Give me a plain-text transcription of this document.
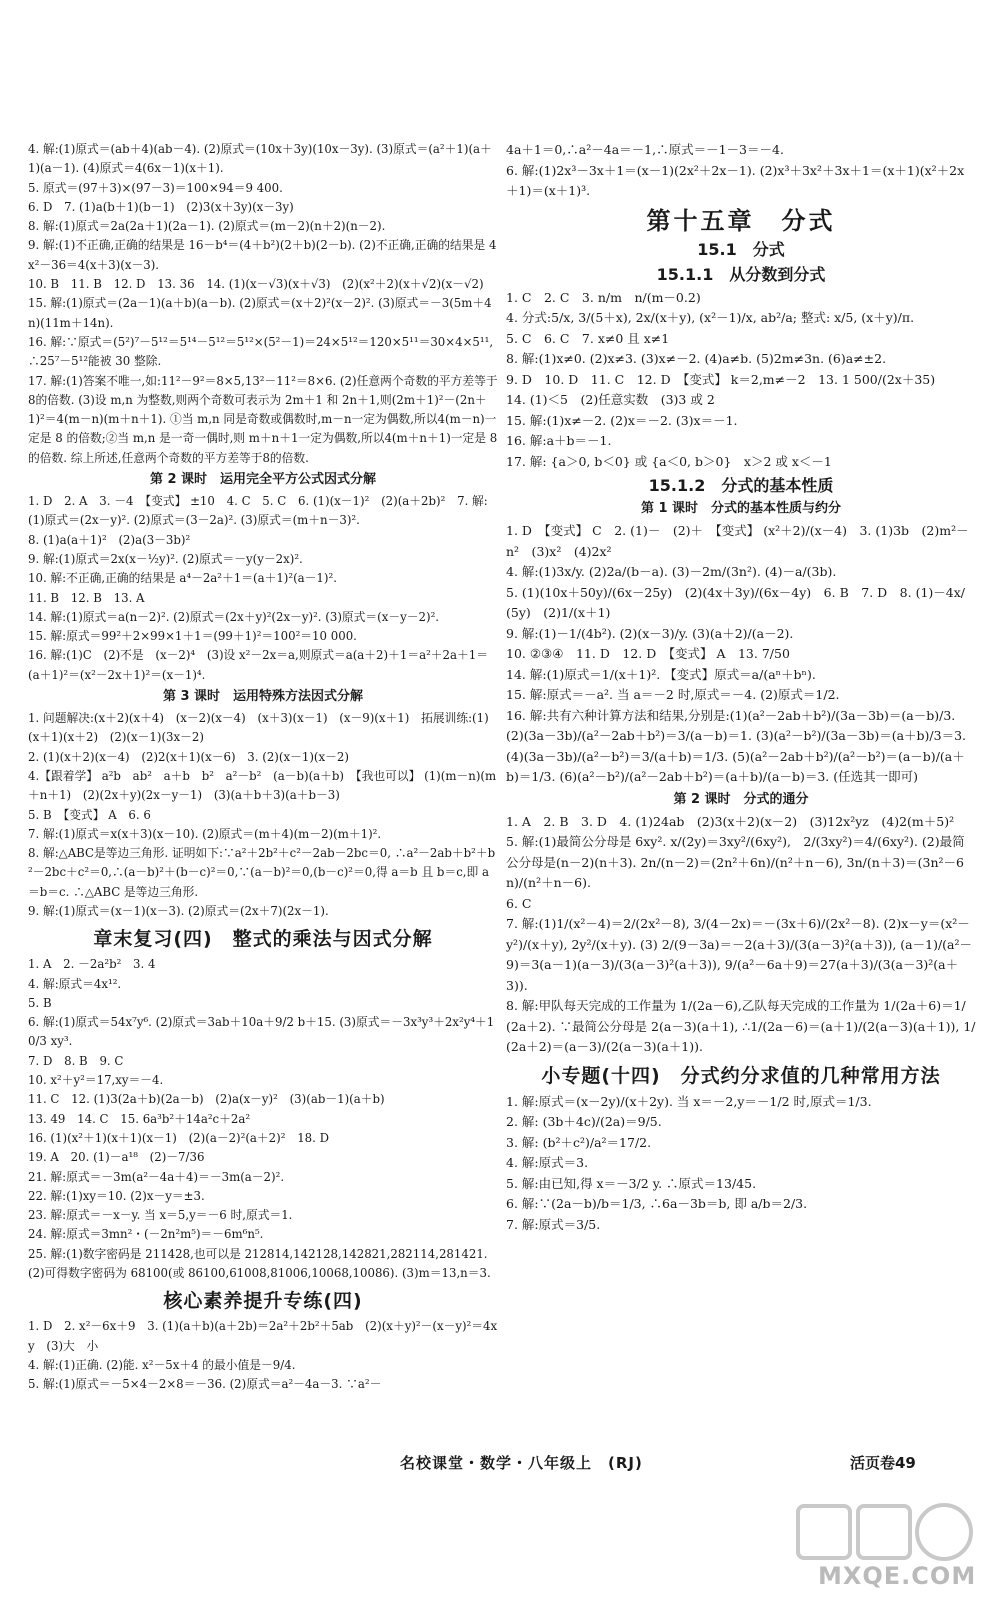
4. 解:(1)原式＝(ab＋4)(ab－4). (2)原式＝(10x＋3y)(10x－3y). (3)原式＝(a²＋1)(a＋1)(a－1). (4)原式＝4(6x－1)(x＋1).

5. 原式＝(97＋3)×(97－3)＝100×94＝9 400.

6. D　7. (1)a(b＋1)(b－1)　(2)3(x＋3y)(x－3y)

8. 解:(1)原式＝2a(2a＋1)(2a－1). (2)原式＝(m－2)(n＋2)(n－2).

9. 解:(1)不正确,正确的结果是 16－b⁴＝(4＋b²)(2＋b)(2－b). (2)不正确,正确的结果是 4x²－36＝4(x＋3)(x－3).

10. B　11. B　12. D　13. 36　14. (1)(x－√3)(x＋√3)　(2)(x²＋2)(x＋√2)(x－√2)

15. 解:(1)原式＝(2a－1)(a＋b)(a－b). (2)原式＝(x＋2)²(x－2)². (3)原式＝－3(5m＋4n)(11m＋14n).

16. 解:∵原式＝(5²)⁷－5¹²＝5¹⁴－5¹²＝5¹²×(5²－1)＝24×5¹²＝120×5¹¹＝30×4×5¹¹,∴25⁷－5¹²能被 30 整除.

17. 解:(1)答案不唯一,如:11²－9²＝8×5,13²－11²＝8×6. (2)任意两个奇数的平方差等于8的倍数. (3)设 m,n 为整数,则两个奇数可表示为 2m＋1 和 2n＋1,则(2m＋1)²－(2n＋1)²＝4(m－n)(m＋n＋1). ①当 m,n 同是奇数或偶数时,m－n一定为偶数,所以4(m－n)一定是 8 的倍数;②当 m,n 是一奇一偶时,则 m＋n＋1一定为偶数,所以4(m＋n＋1)一定是 8 的倍数. 综上所述,任意两个奇数的平方差等于8的倍数.

第 2 课时　运用完全平方公式因式分解

1. D　2. A　3. －4　【变式】 ±10　4. C　5. C　6. (1)(x－1)²　(2)(a＋2b)²　7. 解:(1)原式＝(2x－y)². (2)原式＝(3－2a)². (3)原式＝(m＋n－3)².

8. (1)a(a＋1)²　(2)a(3－3b)²

9. 解:(1)原式＝2x(x－½y)². (2)原式＝－y(y－2x)².

10. 解:不正确,正确的结果是 a⁴－2a²＋1＝(a＋1)²(a－1)².

11. B　12. B　13. A

14. 解:(1)原式＝a(n－2)². (2)原式＝(2x＋y)²(2x－y)². (3)原式＝(x－y－2)².

15. 解:原式＝99²＋2×99×1＋1＝(99＋1)²＝100²＝10 000.

16. 解:(1)C　(2)不是　(x－2)⁴　(3)设 x²－2x＝a,则原式＝a(a＋2)＋1＝a²＋2a＋1＝(a＋1)²＝(x²－2x＋1)²＝(x－1)⁴.

第 3 课时　运用特殊方法因式分解

1. 问题解决:(x＋2)(x＋4)　(x－2)(x－4)　(x＋3)(x－1)　(x－9)(x＋1)　拓展训练:(1)(x＋1)(x＋2)　(2)(x－1)(3x－2)

2. (1)(x＋2)(x－4)　(2)2(x＋1)(x－6)　3. (2)(x－1)(x－2)

4.【跟着学】 a²b　ab²　a＋b　b²　a²－b²　(a－b)(a＋b)　【我也可以】 (1)(m－n)(m＋n＋1)　(2)(2x＋y)(2x－y－1)　(3)(a＋b＋3)(a＋b－3)

5. B　【变式】 A　6. 6

7. 解:(1)原式＝x(x＋3)(x－10). (2)原式＝(m＋4)(m－2)(m＋1)².

8. 解:△ABC是等边三角形. 证明如下:∵a²＋2b²＋c²－2ab－2bc＝0, ∴a²－2ab＋b²＋b²－2bc＋c²＝0,∴(a－b)²＋(b－c)²＝0,∵(a－b)²＝0,(b－c)²＝0,得 a＝b 且 b＝c,即 a＝b＝c. ∴△ABC 是等边三角形.

9. 解:(1)原式＝(x－1)(x－3). (2)原式＝(2x＋7)(2x－1).

章末复习(四)　整式的乘法与因式分解

1. A　2. －2a²b²　3. 4

4. 解:原式＝4x¹².

5. B

6. 解:(1)原式＝54x⁷y⁶. (2)原式＝3ab＋10a＋9/2 b＋15. (3)原式＝－3x³y³＋2x²y⁴＋10/3 xy³.

7. D　8. B　9. C

10. x²＋y²＝17,xy＝－4.

11. C　12. (1)3(2a＋b)(2a－b)　(2)a(x－y)²　(3)(ab－1)(a＋b)

13. 49　14. C　15. 6a³b²＋14a²c＋2a²

16. (1)(x²＋1)(x＋1)(x－1)　(2)(a－2)²(a＋2)²　18. D

19. A　20. (1)－a¹⁸　(2)－7/36

21. 解:原式＝－3m(a²－4a＋4)＝－3m(a－2)².

22. 解:(1)xy＝10. (2)x－y＝±3.

23. 解:原式＝－x－y. 当 x＝5,y＝－6 时,原式＝1.

24. 解:原式＝3mn²・(－2n²m⁵)＝－6m⁶n⁵.

25. 解:(1)数字密码是 211428,也可以是 212814,142128,142821,282114,281421. (2)可得数字密码为 68100(或 86100,61008,81006,10068,10086). (3)m＝13,n＝3.

核心素养提升专练(四)

1. D　2. x²－6x＋9　3. (1)(a＋b)(a＋2b)＝2a²＋2b²＋5ab　(2)(x＋y)²－(x－y)²＝4xy　(3)大　小

4. 解:(1)正确. (2)能. x²－5x＋4 的最小值是－9/4.

5. 解:(1)原式＝－5×4－2×8＝－36. (2)原式＝a²－4a－3. ∵a²－

4a＋1＝0,∴a²－4a＝－1,∴原式＝－1－3＝－4.

6. 解:(1)2x³－3x＋1＝(x－1)(2x²＋2x－1). (2)x³＋3x²＋3x＋1＝(x＋1)(x²＋2x＋1)＝(x＋1)³.

第十五章　分式

15.1　分式

15.1.1　从分数到分式

1. C　2. C　3. n/m　n/(m－0.2)

4. 分式:5/x, 3/(5＋x), 2x/(x＋y), (x²－1)/x, ab²/a; 整式: x/5, (x＋y)/π.

5. C　6. C　7. x≠0 且 x≠1

8. 解:(1)x≠0. (2)x≠3. (3)x≠－2. (4)a≠b. (5)2m≠3n. (6)a≠±2.

9. D　10. D　11. C　12. D　【变式】 k＝2,m≠－2　13. 1 500/(2x＋35)

14. (1)＜5　(2)任意实数　(3)3 或 2

15. 解:(1)x≠－2. (2)x＝－2. (3)x＝－1.

16. 解:a＋b＝－1.

17. 解: {a＞0, b＜0} 或 {a＜0, b＞0}　x＞2 或 x＜－1

15.1.2　分式的基本性质

第 1 课时　分式的基本性质与约分

1. D　【变式】 C　2. (1)－　(2)＋　【变式】 (x²＋2)/(x－4)　3. (1)3b　(2)m²－n²　(3)x²　(4)2x²

4. 解:(1)3x/y. (2)2a/(b－a). (3)－2m/(3n²). (4)－a/(3b).

5. (1)(10x＋50y)/(6x－25y)　(2)(4x＋3y)/(6x－4y)　6. B　7. D　8. (1)－4x/(5y)　(2)1/(x＋1)

9. 解:(1)－1/(4b²). (2)(x－3)/y. (3)(a＋2)/(a－2).

10. ②③④　11. D　12. D　【变式】 A　13. 7/50

14. 解:(1)原式＝1/(x＋1)². 【变式】原式＝a/(aⁿ＋bⁿ).

15. 解:原式＝－a². 当 a＝－2 时,原式＝－4. (2)原式＝1/2.

16. 解:共有六种计算方法和结果,分别是:(1)(a²－2ab＋b²)/(3a－3b)＝(a－b)/3. (2)(3a－3b)/(a²－2ab＋b²)＝3/(a－b)＝1. (3)(a²－b²)/(3a－3b)＝(a＋b)/3＝3. (4)(3a－3b)/(a²－b²)＝3/(a＋b)＝1/3. (5)(a²－2ab＋b²)/(a²－b²)＝(a－b)/(a＋b)＝1/3. (6)(a²－b²)/(a²－2ab＋b²)＝(a＋b)/(a－b)＝3. (任选其一即可)

第 2 课时　分式的通分

1. A　2. B　3. D　4. (1)24ab　(2)3(x＋2)(x－2)　(3)12x²yz　(4)2(m＋5)²

5. 解:(1)最简公分母是 6xy². x/(2y)＝3xy²/(6xy²),　2/(3xy²)＝4/(6xy²). (2)最简公分母是(n－2)(n＋3). 2n/(n－2)＝(2n²＋6n)/(n²＋n－6), 3n/(n＋3)＝(3n²－6n)/(n²＋n－6).

6. C

7. 解:(1)1/(x²－4)＝2/(2x²－8), 3/(4－2x)＝－(3x＋6)/(2x²－8). (2)x－y＝(x²－y²)/(x＋y), 2y²/(x＋y). (3) 2/(9－3a)＝－2(a＋3)/(3(a－3)²(a＋3)), (a－1)/(a²－9)＝3(a－1)(a－3)/(3(a－3)²(a＋3)), 9/(a²－6a＋9)＝27(a＋3)/(3(a－3)²(a＋3)).

8. 解:甲队每天完成的工作量为 1/(2a－6),乙队每天完成的工作量为 1/(2a＋6)＝1/(2a＋2). ∵最简公分母是 2(a－3)(a＋1), ∴1/(2a－6)＝(a＋1)/(2(a－3)(a＋1)), 1/(2a＋2)＝(a－3)/(2(a－3)(a＋1)).

小专题(十四)　分式约分求值的几种常用方法

1. 解:原式＝(x－2y)/(x＋2y). 当 x＝－2,y＝－1/2 时,原式＝1/3.

2. 解: (3b＋4c)/(2a)＝9/5.

3. 解: (b²＋c²)/a²＝17/2.

4. 解:原式＝3.

5. 解:由已知,得 x＝－3/2 y. ∴原式＝13/45.

6. 解:∵(2a－b)/b＝1/3, ∴6a－3b＝b, 即 a/b＝2/3.

7. 解:原式＝3/5.

名校课堂・数学・八年级上　(RJ)	活页卷49
MXQE.COM
